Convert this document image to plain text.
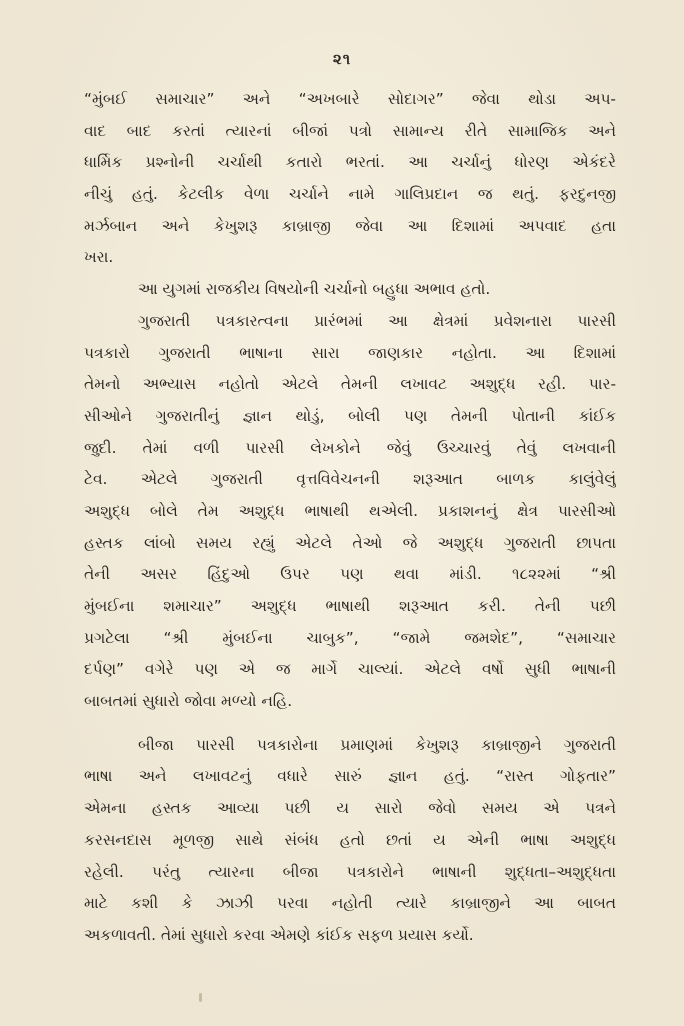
૨૧
“મુંબઈ સમાચાર” અને “અખબારે સોદાગર” જેવા થોડા અપ-
વાદ બાદ કરતાં ત્યારનાં બીજાં પત્રો સામાન્ય રીતે સામાજિક અને
ધાર્મિક પ્રશ્નોની ચર્ચાથી કતારો ભરતાં. આ ચર્ચાનું ધોરણ એકંદરે
નીચું હતું. કેટલીક વેળા ચર્ચાને નામે ગાલિપ્રદાન જ થતું. ફરદુનજી
મર્ઝબાન અને કેખુશરૂ કાબ્રાજી જેવા આ દિશામાં અપવાદ હતા
ખરા.
આ યુગમાં રાજકીય વિષયોની ચર્ચાનો બહુધા અભાવ હતો.
ગુજરાતી પત્રકારત્વના પ્રારંભમાં આ ક્ષેત્રમાં પ્રવેશનારા પારસી
પત્રકારો ગુજરાતી ભાષાના સારા જાણકાર નહોતા. આ દિશામાં
તેમનો અભ્યાસ નહોતો એટલે તેમની લખાવટ અશુદ્ધ રહી. પાર-
સીઓને ગુજરાતીનું જ્ઞાન થોડું, બોલી પણ તેમની પોતાની કાંઈક
જુદી. તેમાં વળી પારસી લેખકોને જેવું ઉચ્ચારવું તેવું લખવાની
ટેવ. એટલે ગુજરાતી વૃત્તવિવેચનની શરૂઆત બાળક કાલુંવેલું
અશુદ્ધ બોલે તેમ અશુદ્ધ ભાષાથી થએલી. પ્રકાશનનું ક્ષેત્ર પારસીઓ
હસ્તક લાંબો સમય રહ્યું એટલે તેઓ જે અશુદ્ધ ગુજરાતી છાપતા
તેની અસર હિંદુઓ ઉપર પણ થવા માંડી. ૧૮૨૨માં “શ્રી
મુંબઈના શમાચાર” અશુદ્ધ ભાષાથી શરૂઆત કરી. તેની પછી
પ્રગટેલા “શ્રી મુંબઈના ચાબુક”, “જામે જમશેદ”, “સમાચાર
દર્પણ” વગેરે પણ એ જ માર્ગે ચાલ્યાં. એટલે વર્ષો સુધી ભાષાની
બાબતમાં સુધારો જોવા મળ્યો નહિ.
બીજા પારસી પત્રકારોના પ્રમાણમાં કેખુશરૂ કાબ્રાજીને ગુજરાતી
ભાષા અને લખાવટનું વધારે સારું જ્ઞાન હતું. “રાસ્ત ગોફતાર”
એમના હસ્તક આવ્યા પછી ય સારો જેવો સમય એ પત્રને
કરસનદાસ મૂળજી સાથે સંબંધ હતો છતાં ય એની ભાષા અશુદ્ધ
રહેલી. પરંતુ ત્યારના બીજા પત્રકારોને ભાષાની શુદ્ધતા–અશુદ્ધતા
માટે કશી કે ઝાઝી પરવા નહોતી ત્યારે કાબ્રાજીને આ બાબત
અકળાવતી. તેમાં સુધારો કરવા એમણે કાંઈક સફળ પ્રયાસ કર્યો.
